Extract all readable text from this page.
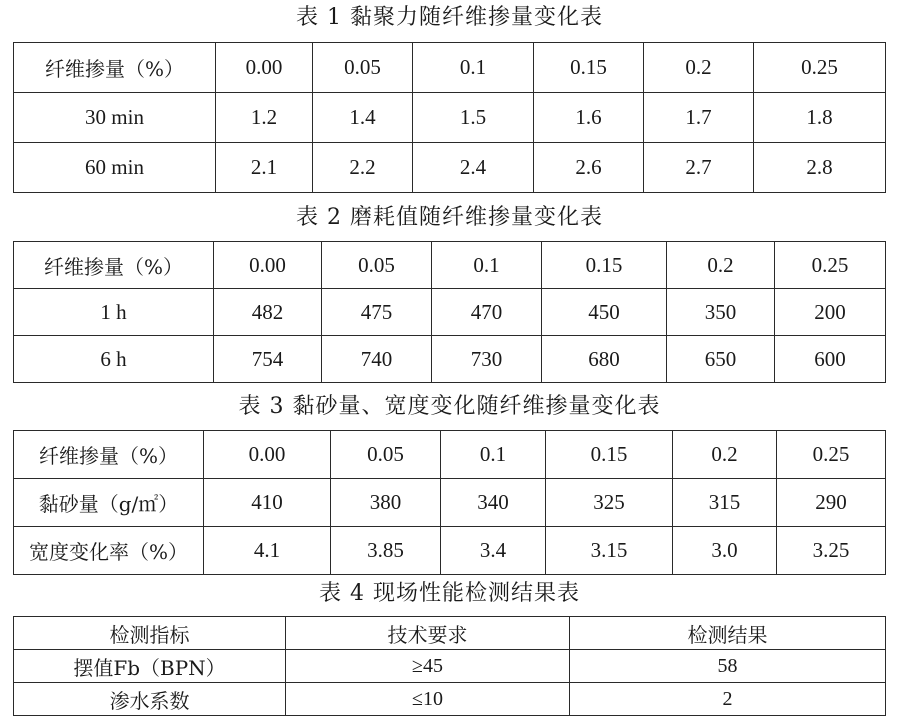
表 1 黏聚力随纤维掺量变化表
纤维掺量（%）	0.00	0.05	0.1	0.15	0.2	0.25
30 min	1.2	1.4	1.5	1.6	1.7	1.8
60 min	2.1	2.2	2.4	2.6	2.7	2.8
表 2 磨耗值随纤维掺量变化表
纤维掺量（%）	0.00	0.05	0.1	0.15	0.2	0.25
1 h	482	475	470	450	350	200
6 h	754	740	730	680	650	600
表 3 黏砂量、宽度变化随纤维掺量变化表
纤维掺量（%）	0.00	0.05	0.1	0.15	0.2	0.25
黏砂量（g/㎡）	410	380	340	325	315	290
宽度变化率（%）	4.1	3.85	3.4	3.15	3.0	3.25
表 4 现场性能检测结果表
检测指标	技术要求	检测结果
摆值Fb（BPN）	≥45	58
渗水系数	≤10	2
